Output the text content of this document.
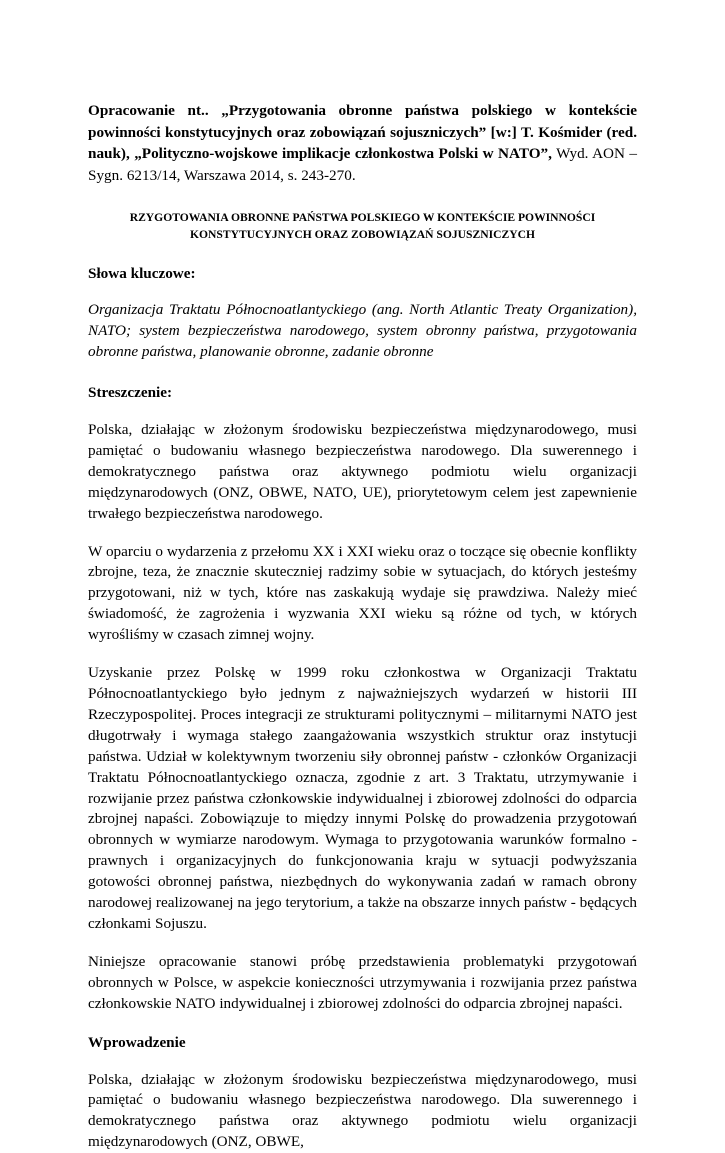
Opracowanie nt.. „Przygotowania obronne państwa polskiego w kontekście powinności konstytucyjnych oraz zobowiązań sojuszniczych” [w:] T. Kośmider (red. nauk), „Polityczno-wojskowe implikacje członkostwa Polski w NATO”, Wyd. AON – Sygn. 6213/14, Warszawa 2014, s. 243-270.

RZYGOTOWANIA OBRONNE PAŃSTWA POLSKIEGO W KONTEKŚCIE POWINNOŚCI
KONSTYTUCYJNYCH ORAZ ZOBOWIĄZAŃ SOJUSZNICZYCH
Słowa kluczowe:

Organizacja Traktatu Północnoatlantyckiego (ang. North Atlantic Treaty Organization), NATO; system bezpieczeństwa narodowego, system obronny państwa, przygotowania obronne państwa, planowanie obronne, zadanie obronne

Streszczenie:

Polska, działając w złożonym środowisku bezpieczeństwa międzynarodowego, musi pamiętać o budowaniu własnego bezpieczeństwa narodowego. Dla suwerennego i demokratycznego państwa oraz aktywnego podmiotu wielu organizacji międzynarodowych (ONZ, OBWE, NATO, UE), priorytetowym celem jest zapewnienie trwałego bezpieczeństwa narodowego.

W oparciu o wydarzenia z przełomu XX i XXI wieku oraz o toczące się obecnie konflikty zbrojne, teza, że znacznie skuteczniej radzimy sobie w sytuacjach, do których jesteśmy przygotowani, niż w tych, które nas zaskakują wydaje się prawdziwa. Należy mieć świadomość, że zagrożenia i wyzwania XXI wieku są różne od tych, w których wyrośliśmy w czasach zimnej wojny.

Uzyskanie przez Polskę w 1999 roku członkostwa w Organizacji Traktatu Północnoatlantyckiego było jednym z najważniejszych wydarzeń w historii III Rzeczypospolitej. Proces integracji ze strukturami politycznymi – militarnymi NATO jest długotrwały i wymaga stałego zaangażowania wszystkich struktur oraz instytucji państwa. Udział w kolektywnym tworzeniu siły obronnej państw - członków Organizacji Traktatu Północnoatlantyckiego oznacza, zgodnie z art. 3 Traktatu, utrzymywanie i rozwijanie przez państwa członkowskie indywidualnej i zbiorowej zdolności do odparcia zbrojnej napaści. Zobowiązuje to między innymi Polskę do prowadzenia przygotowań obronnych w wymiarze narodowym. Wymaga to przygotowania warunków formalno - prawnych i organizacyjnych do funkcjonowania kraju w sytuacji podwyższania gotowości obronnej państwa, niezbędnych do wykonywania zadań w ramach obrony narodowej realizowanej na jego terytorium, a także na obszarze innych państw - będących członkami Sojuszu.

Niniejsze opracowanie stanowi próbę przedstawienia problematyki przygotowań obronnych w Polsce, w aspekcie konieczności utrzymywania i rozwijania przez państwa członkowskie NATO indywidualnej i zbiorowej zdolności do odparcia zbrojnej napaści.

Wprowadzenie

Polska, działając w złożonym środowisku bezpieczeństwa międzynarodowego, musi pamiętać o budowaniu własnego bezpieczeństwa narodowego. Dla suwerennego i demokratycznego państwa oraz aktywnego podmiotu wielu organizacji międzynarodowych (ONZ, OBWE,
